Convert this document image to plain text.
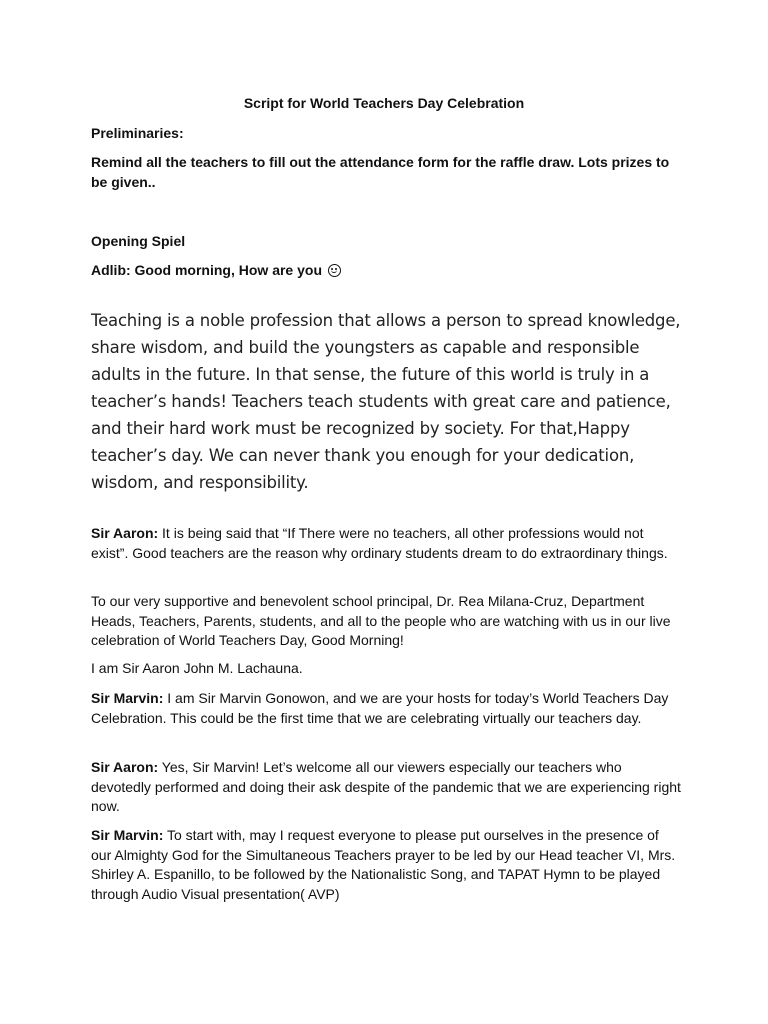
Script for World Teachers Day Celebration
Preliminaries:
Remind all the teachers to fill out the attendance form for the raffle draw. Lots prizes to be given..
Opening Spiel
Adlib: Good morning, How are you
Teaching is a noble profession that allows a person to spread knowledge, share wisdom, and build the youngsters as capable and responsible adults in the future. In that sense, the future of this world is truly in a teacher’s hands! Teachers teach students with great care and patience, and their hard work must be recognized by society. For that,Happy teacher’s day. We can never thank you enough for your dedication, wisdom, and responsibility.
Sir Aaron: It is being said that “If There were no teachers, all other professions would not exist”. Good teachers are the reason why ordinary students dream to do extraordinary things.
To our very supportive and benevolent school principal, Dr. Rea Milana-Cruz, Department Heads, Teachers, Parents, students, and all to the people who are watching with us in our live celebration of World Teachers Day, Good Morning!
I am Sir Aaron John M. Lachauna.
Sir Marvin: I am Sir Marvin Gonowon, and we are your hosts for today’s World Teachers Day Celebration. This could be the first time that we are celebrating virtually our teachers day.
Sir Aaron: Yes, Sir Marvin! Let’s welcome all our viewers especially our teachers who devotedly performed and doing their ask despite of the pandemic that we are experiencing right now.
Sir Marvin: To start with, may I request everyone to please put ourselves in the presence of our Almighty God for the Simultaneous Teachers prayer to be led by our Head teacher VI, Mrs. Shirley A. Espanillo, to be followed by the Nationalistic Song, and TAPAT Hymn to be played through Audio Visual presentation( AVP)
